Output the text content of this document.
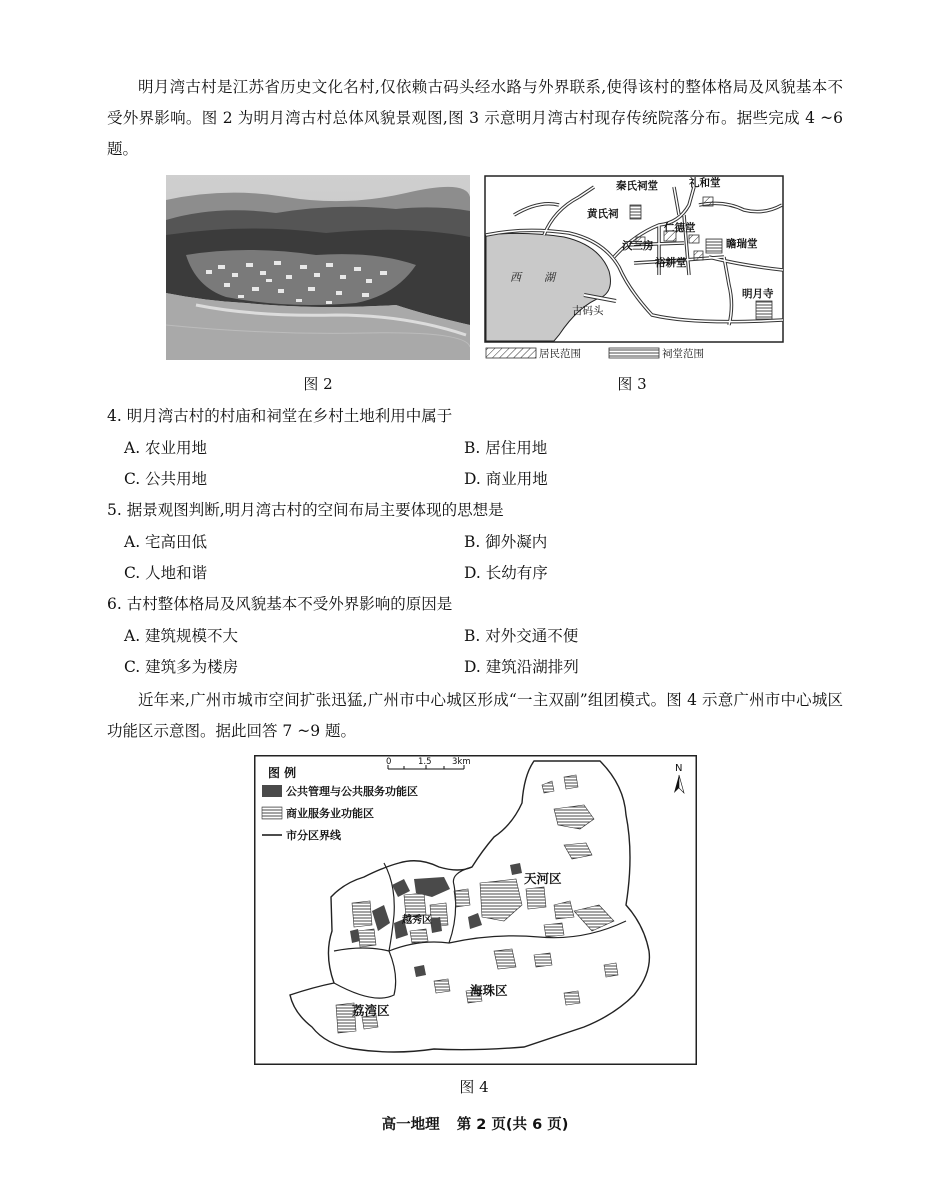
明月湾古村是江苏省历史文化名村,仅依赖古码头经水路与外界联系,使得该村的整体格局及风貌基本不受外界影响。图 2 为明月湾古村总体风貌景观图,图 3 示意明月湾古村现存传统院落分布。据些完成 4 ~6 题。

秦氏祠堂	礼和堂
黄氏祠
仁德堂
汉三房	瞻瑞堂
裕耕堂
明月寺
西 湖
古码头
居民范围	祠堂范围

图 2	图 3

4. 明月湾古村的村庙和祠堂在乡村土地利用中属于

A. 农业用地	B. 居住用地

C. 公共用地	D. 商业用地

5. 据景观图判断,明月湾古村的空间布局主要体现的思想是

A. 宅高田低	B. 御外凝内

C. 人地和谐	D. 长幼有序

6. 古村整体格局及风貌基本不受外界影响的原因是

A. 建筑规模不大	B. 对外交通不便

C. 建筑多为楼房	D. 建筑沿湖排列

近年来,广州市城市空间扩张迅猛,广州市中心城区形成“一主双副”组团模式。图 4 示意广州市中心城区功能区示意图。据此回答 7 ~9 题。

天河区
越秀区
海珠区
荔湾区
图 例
公共管理与公共服务功能区
商业服务业功能区
市分区界线
0	1.5 3km
N

图 4

高一地理 第 2 页(共 6 页)
